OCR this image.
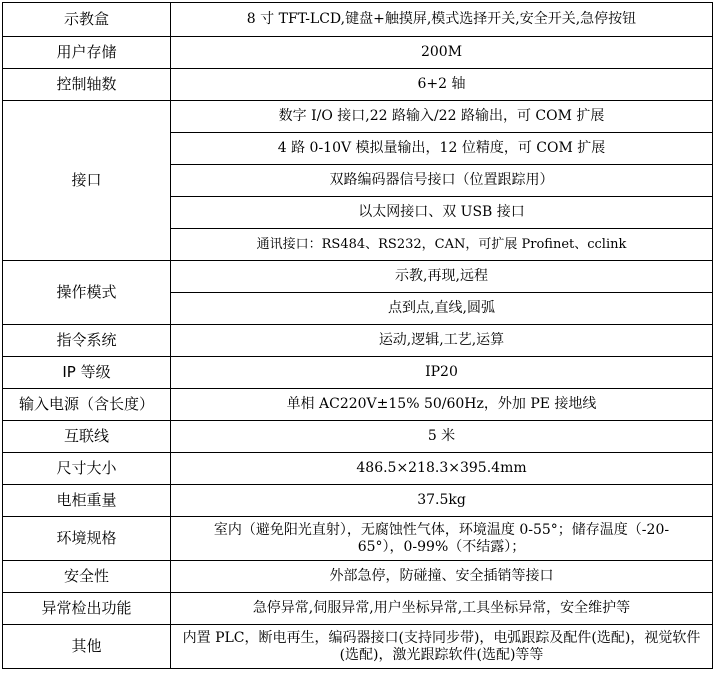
示教盒	8 寸 TFT-LCD,键盘+触摸屏,模式选择开关,安全开关,急停按钮
用户存储	200M
控制轴数	6+2 轴
接口	数字 I/O 接口,22 路输入/22 路输出，可 COM 扩展
	4 路 0-10V 模拟量输出，12 位精度，可 COM 扩展
	双路编码器信号接口（位置跟踪用）
	以太网接口、双 USB 接口
	通讯接口：RS484、RS232，CAN，可扩展 Profinet、cclink
操作模式	示教,再现,远程
	点到点,直线,圆弧
指令系统	运动,逻辑,工艺,运算
IP 等级	IP20
输入电源（含长度）	单相 AC220V±15% 50/60Hz，外加 PE 接地线
互联线	5 米
尺寸大小	486.5×218.3×395.4mm
电柜重量	37.5kg
环境规格	室内（避免阳光直射），无腐蚀性气体，环境温度 0-55°；储存温度（-20-65°），0-99%（不结露）；
安全性	外部急停，防碰撞、安全插销等接口
异常检出功能	急停异常,伺服异常,用户坐标异常,工具坐标异常，安全维护等
其他	内置 PLC，断电再生，编码器接口(支持同步带)，电弧跟踪及配件(选配)，视觉软件(选配)，激光跟踪软件(选配)等等
